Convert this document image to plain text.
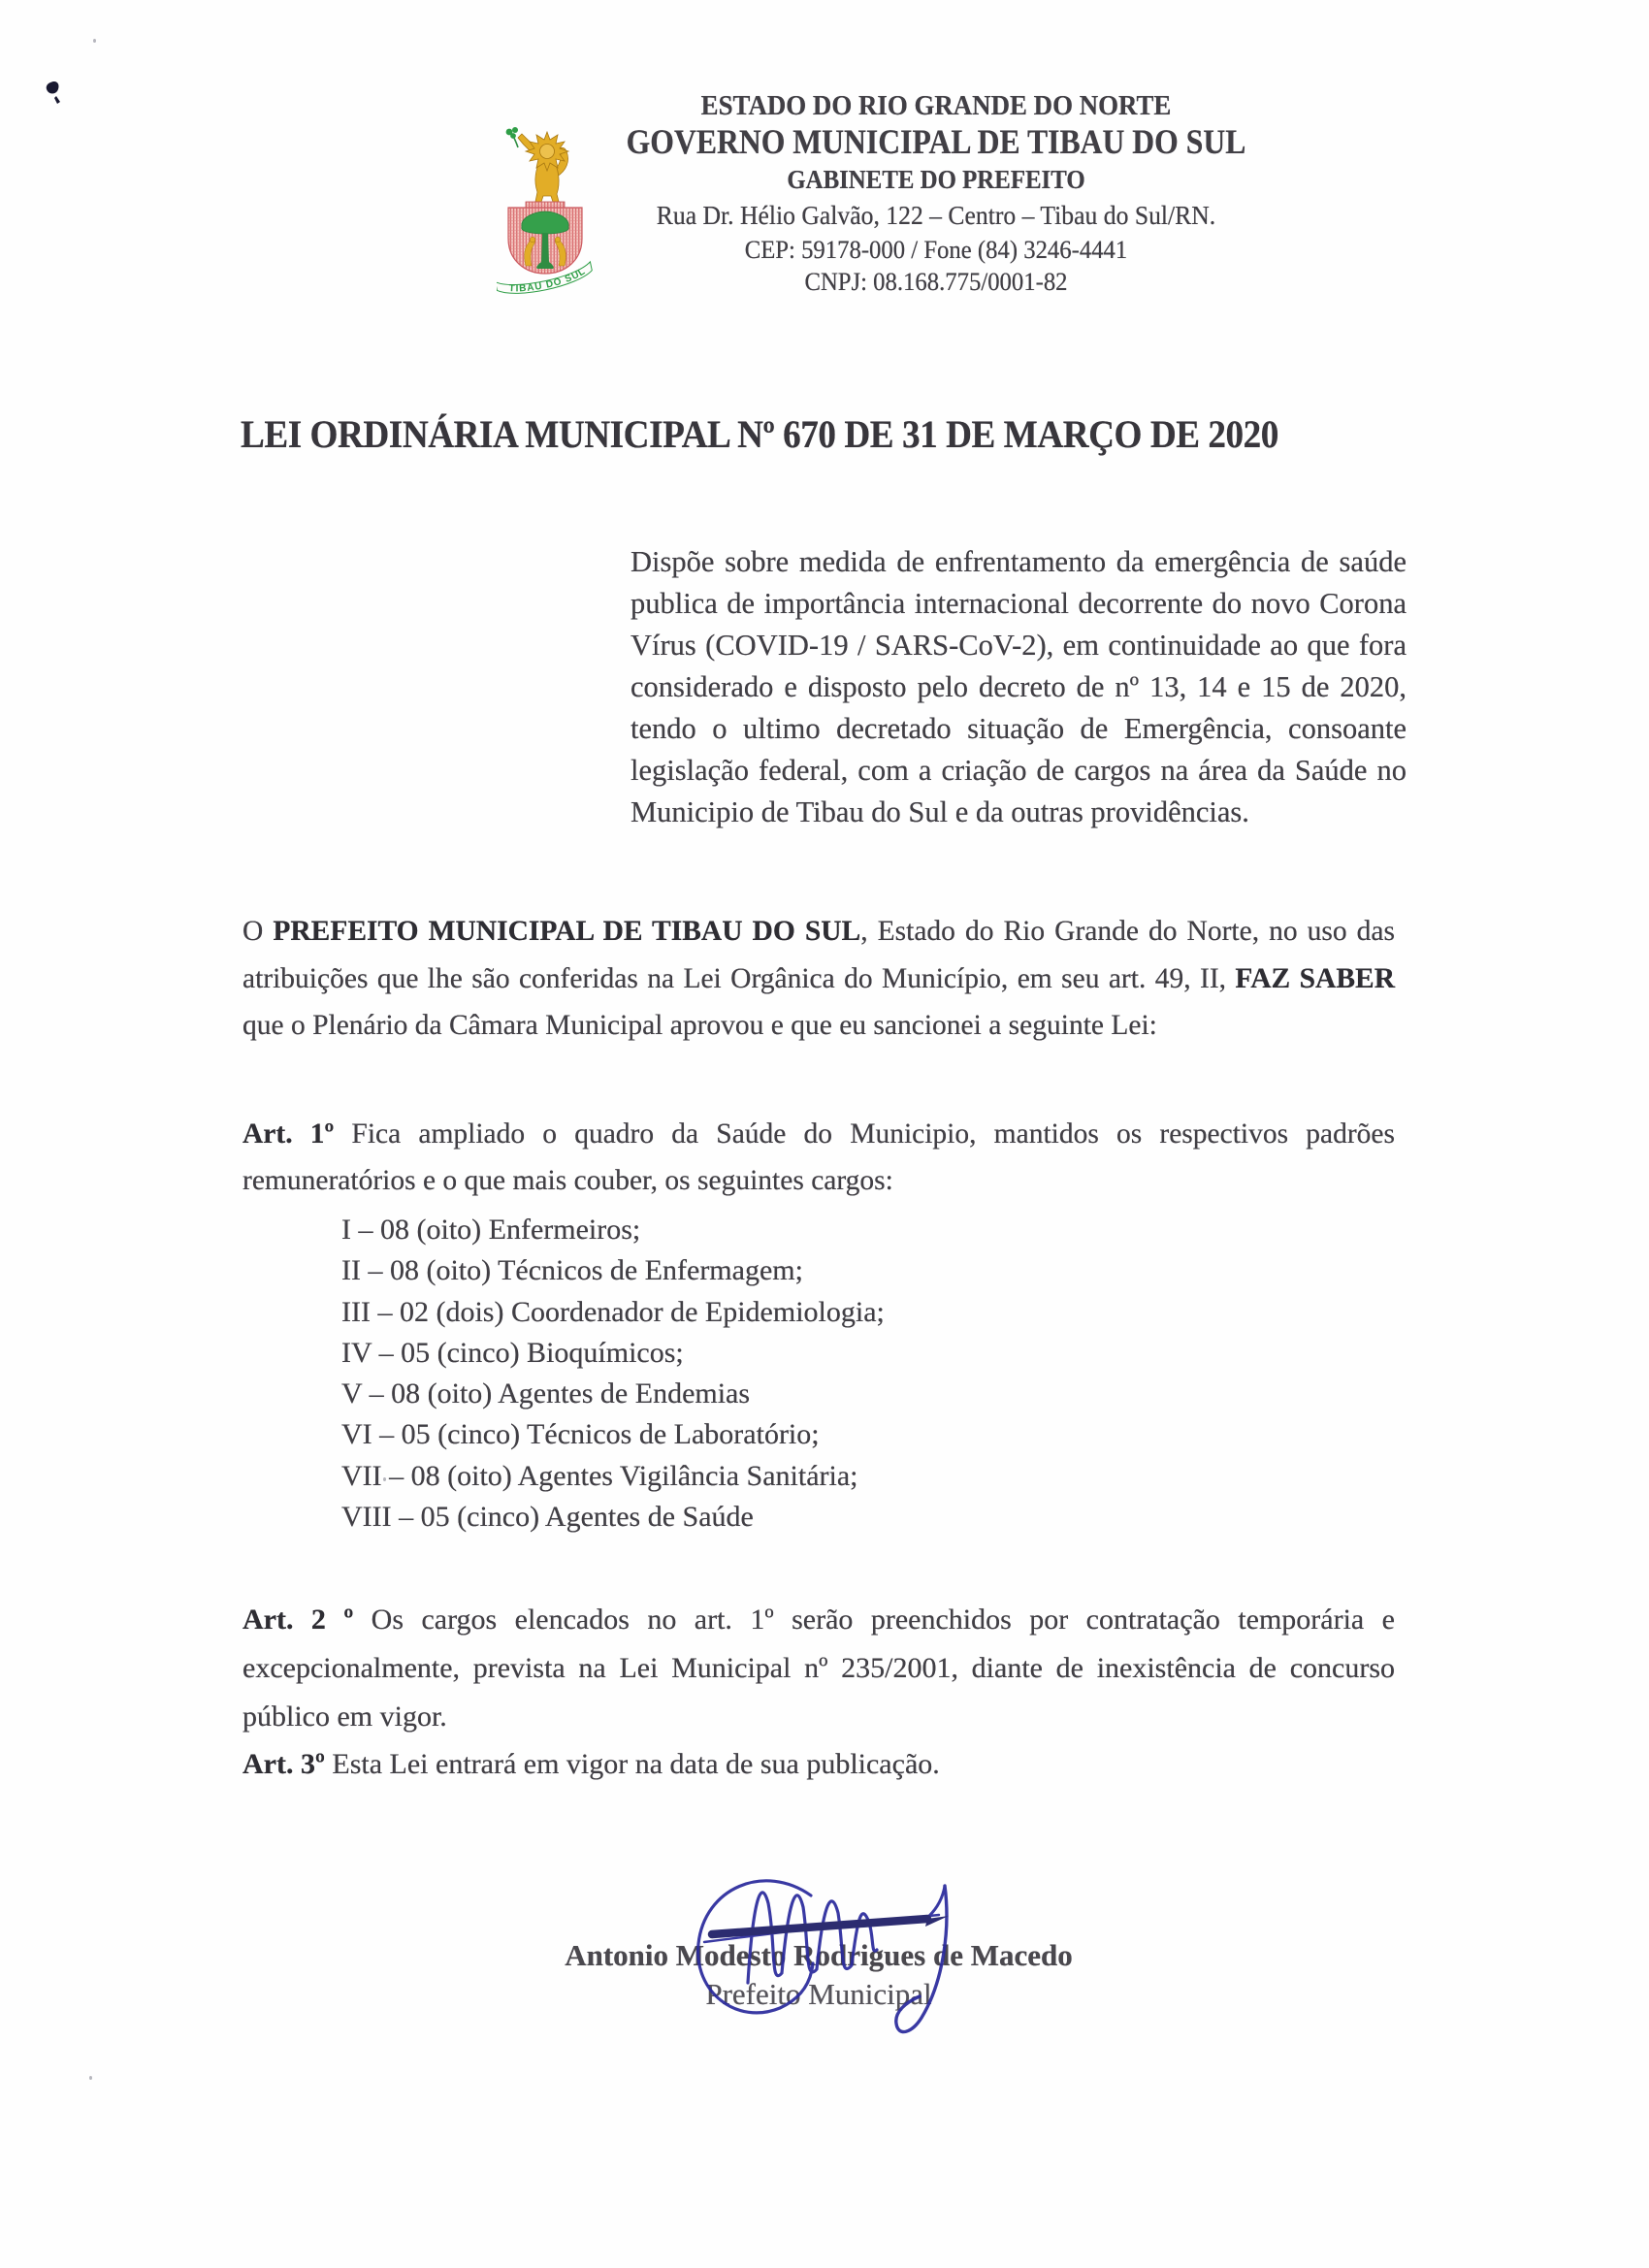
TIBAU DO SUL
ESTADO DO RIO GRANDE DO NORTE
GOVERNO MUNICIPAL DE TIBAU DO SUL
GABINETE DO PREFEITO
Rua Dr. Hélio Galvão, 122 – Centro – Tibau do Sul/RN.
CEP: 59178-000 / Fone (84) 3246-4441
CNPJ: 08.168.775/0001-82
LEI ORDINÁRIA MUNICIPAL Nº 670 DE 31 DE MARÇO DE 2020
Dispõe sobre medida de enfrentamento da emergência de saúde publica de importância internacional decorrente do novo Corona Vírus (COVID-19 / SARS-CoV-2), em continuidade ao que fora considerado e disposto pelo decreto de nº 13, 14 e 15 de 2020, tendo o ultimo decretado situação de Emergência, consoante legislação federal, com a criação de cargos na área da Saúde no Municipio de Tibau do Sul e da outras providências.
O PREFEITO MUNICIPAL DE TIBAU DO SUL, Estado do Rio Grande do Norte, no uso das atribuições que lhe são conferidas na Lei Orgânica do Município, em seu art. 49, II, FAZ SABER que o Plenário da Câmara Municipal aprovou e que eu sancionei a seguinte Lei:
Art. 1º Fica ampliado o quadro da Saúde do Municipio, mantidos os respectivos padrões remuneratórios e o que mais couber, os seguintes cargos:
I – 08 (oito) Enfermeiros;
II – 08 (oito) Técnicos de Enfermagem;
III – 02 (dois) Coordenador de Epidemiologia;
IV – 05 (cinco) Bioquímicos;
V – 08 (oito) Agentes de Endemias
VI – 05 (cinco) Técnicos de Laboratório;
VII – 08 (oito) Agentes Vigilância Sanitária;
VIII – 05 (cinco) Agentes de Saúde
Art. 2 º Os cargos elencados no art. 1º serão preenchidos por contratação temporária e excepcionalmente, prevista na Lei Municipal nº 235/2001, diante de inexistência de concurso público em vigor.
Art. 3º Esta Lei entrará em vigor na data de sua publicação.
Antonio Modesto Rodrigues de Macedo
Prefeito Municipal
